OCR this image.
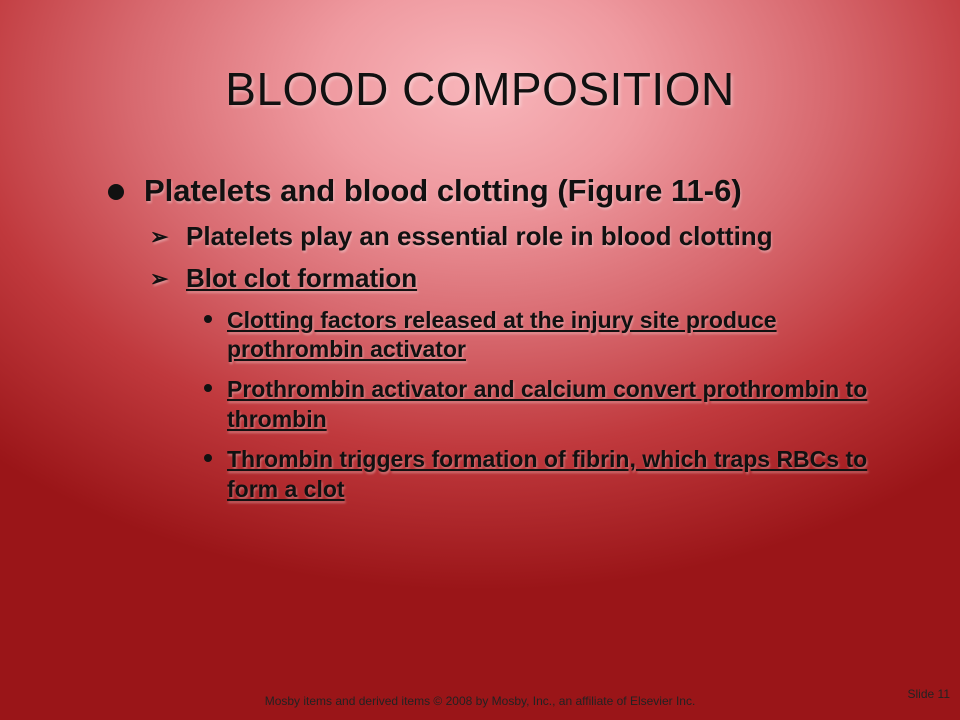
BLOOD COMPOSITION
Platelets and blood clotting (Figure 11-6)
➢ Platelets play an essential role in blood clotting
➢ Blot clot formation
Clotting factors released at the injury site produce prothrombin activator
Prothrombin activator and calcium convert prothrombin to thrombin
Thrombin triggers formation of fibrin, which traps RBCs to form a clot
Mosby items and derived items © 2008 by Mosby, Inc., an affiliate of Elsevier Inc.	Slide 11
